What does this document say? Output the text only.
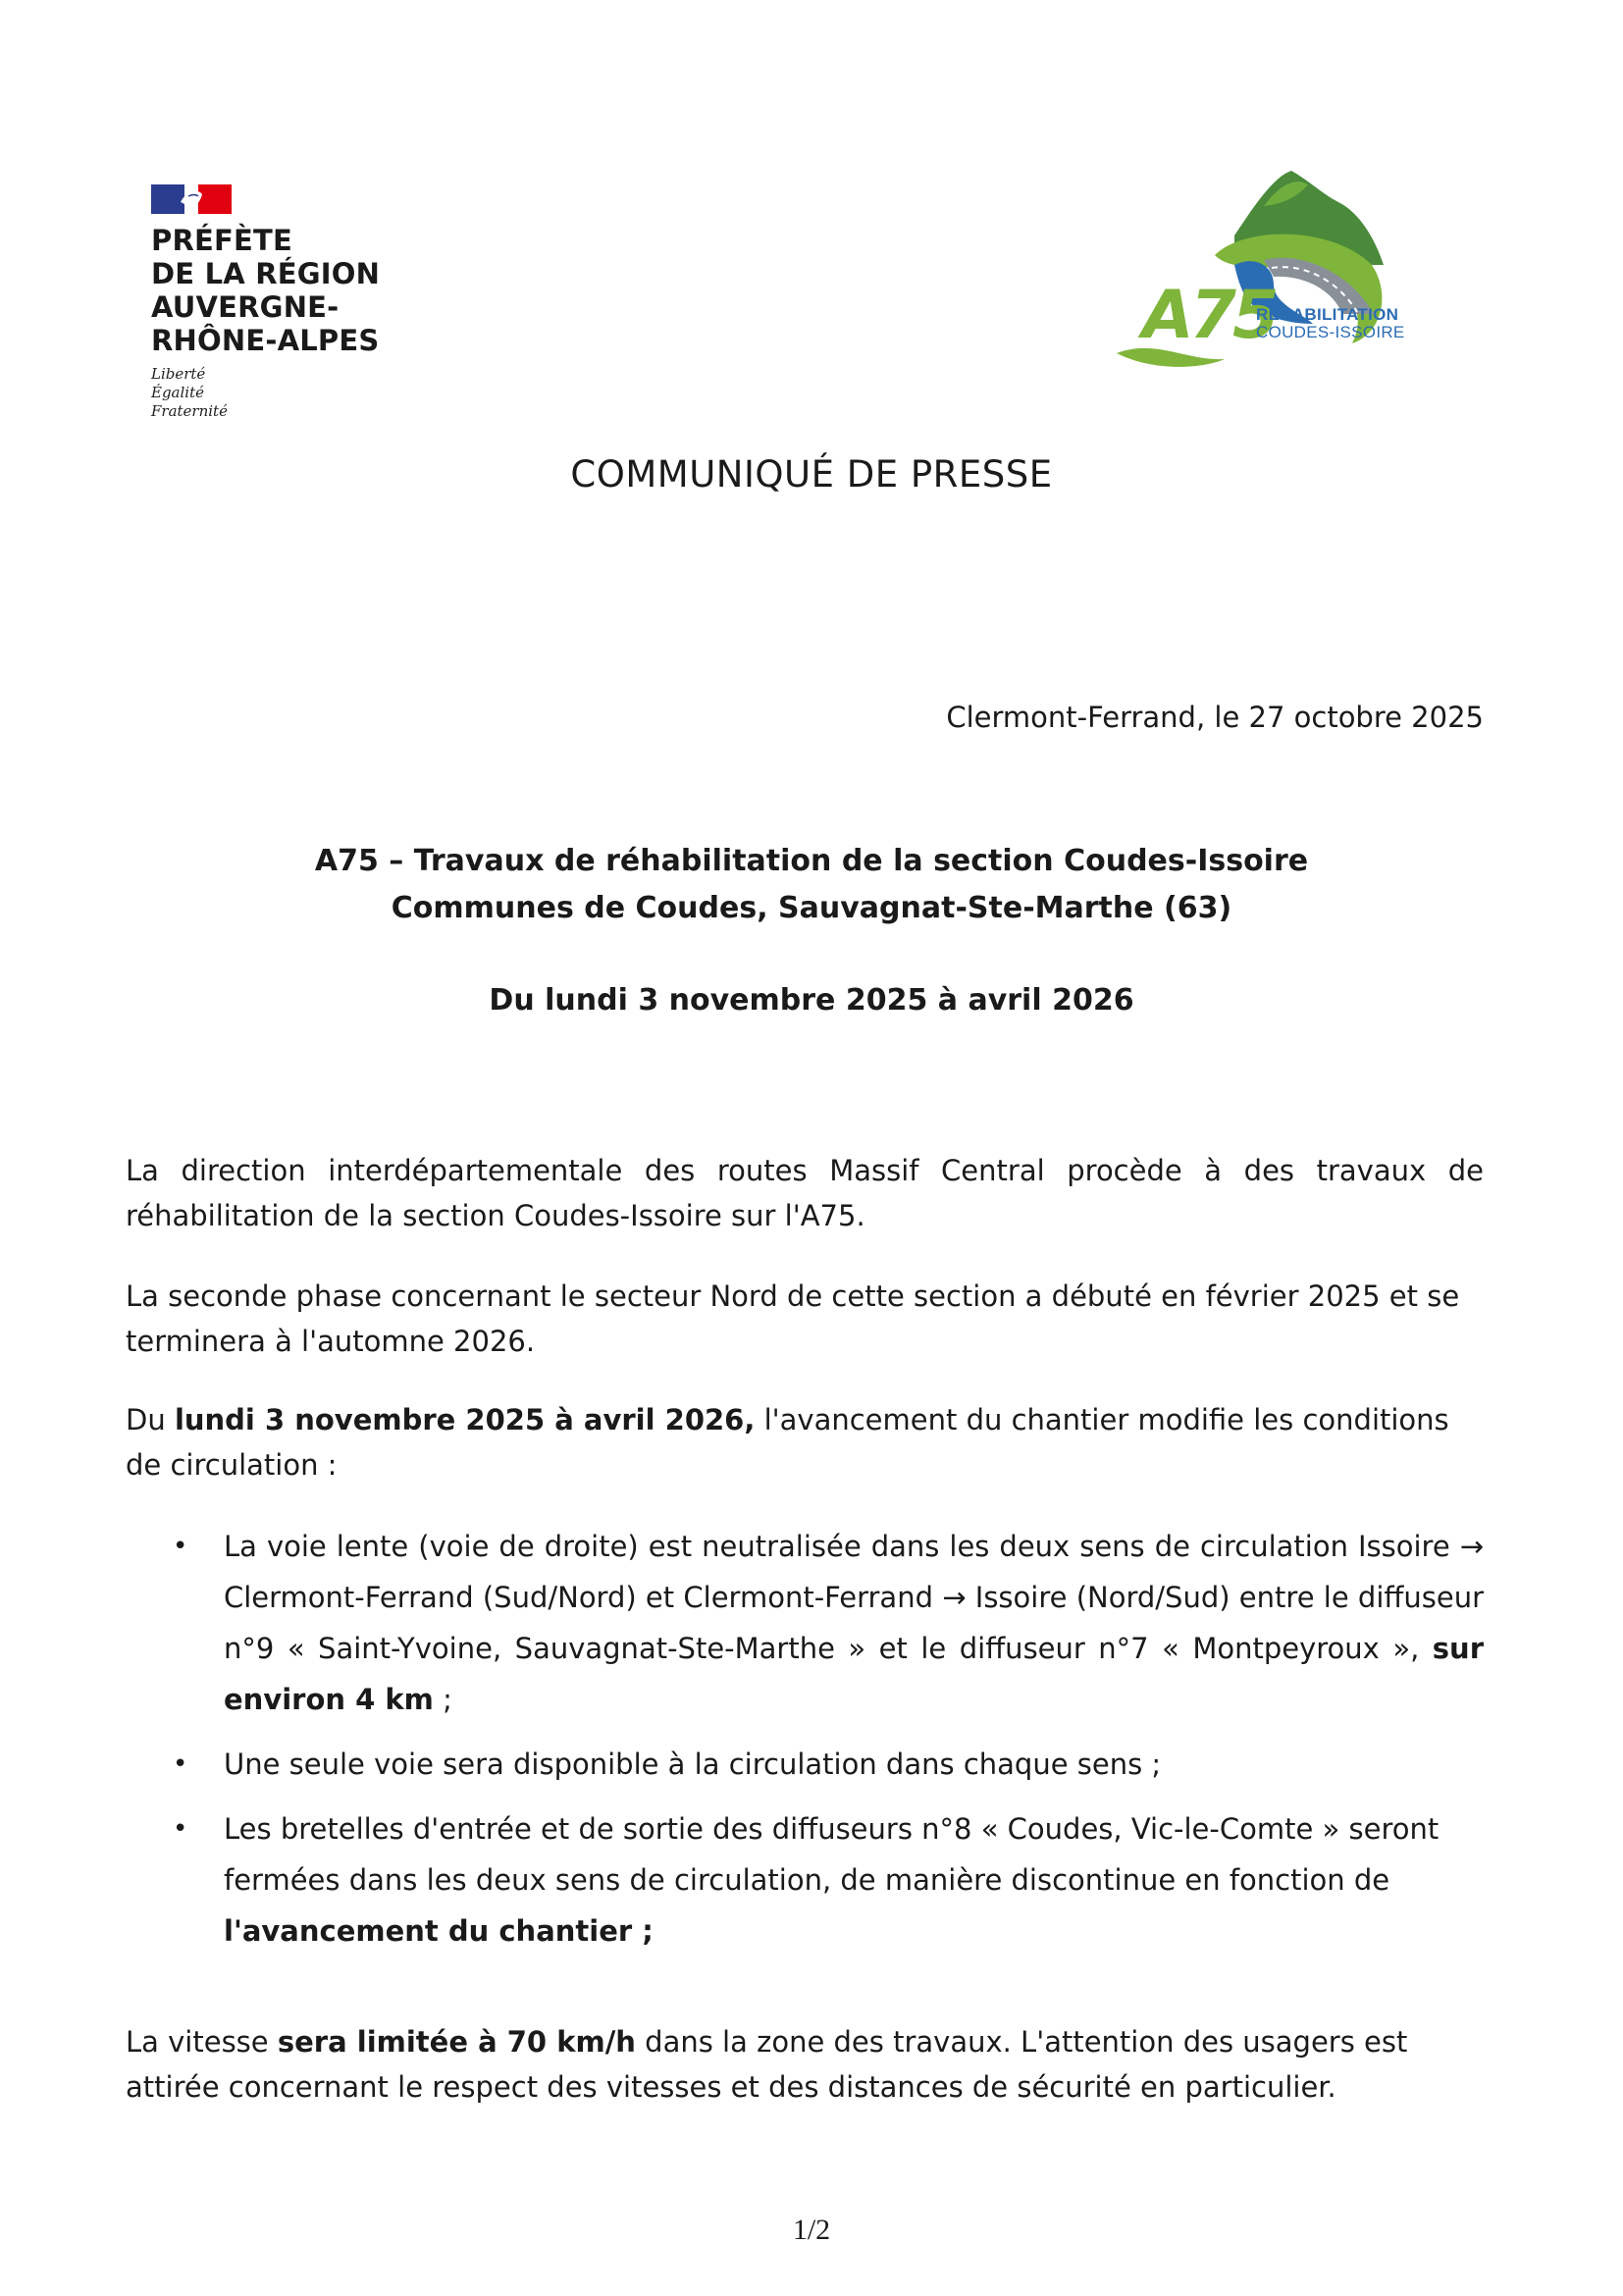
PRÉFÈTE
DE LA RÉGION
AUVERGNE-
RHÔNE-ALPES
Liberté
Égalité
Fraternité
A75
RÉHABILITATION
COUDES-ISSOIRE
COMMUNIQUÉ DE PRESSE
Clermont-Ferrand, le 27 octobre 2025
A75 – Travaux de réhabilitation de la section Coudes-Issoire
Communes de Coudes, Sauvagnat-Ste-Marthe (63)
Du lundi 3 novembre 2025 à avril 2026

La direction interdépartementale des routes Massif Central procède à des travaux de réhabilitation de la section Coudes-Issoire sur l'A75.

La seconde phase concernant le secteur Nord de cette section a débuté en février 2025 et se terminera à l'automne 2026.

Du lundi 3 novembre 2025 à avril 2026, l'avancement du chantier modifie les conditions de circulation :

• La voie lente (voie de droite) est neutralisée dans les deux sens de circulation Issoire → Clermont-Ferrand (Sud/Nord) et Clermont-Ferrand → Issoire (Nord/Sud) entre le diffuseur n°9 « Saint-Yvoine, Sauvagnat-Ste-Marthe » et le diffuseur n°7 « Montpeyroux », sur environ 4 km ;
• Une seule voie sera disponible à la circulation dans chaque sens ;
• Les bretelles d'entrée et de sortie des diffuseurs n°8 « Coudes, Vic-le-Comte » seront fermées dans les deux sens de circulation, de manière discontinue en fonction de l'avancement du chantier ;

La vitesse sera limitée à 70 km/h dans la zone des travaux. L'attention des usagers est attirée concernant le respect des vitesses et des distances de sécurité en particulier.

1/2
